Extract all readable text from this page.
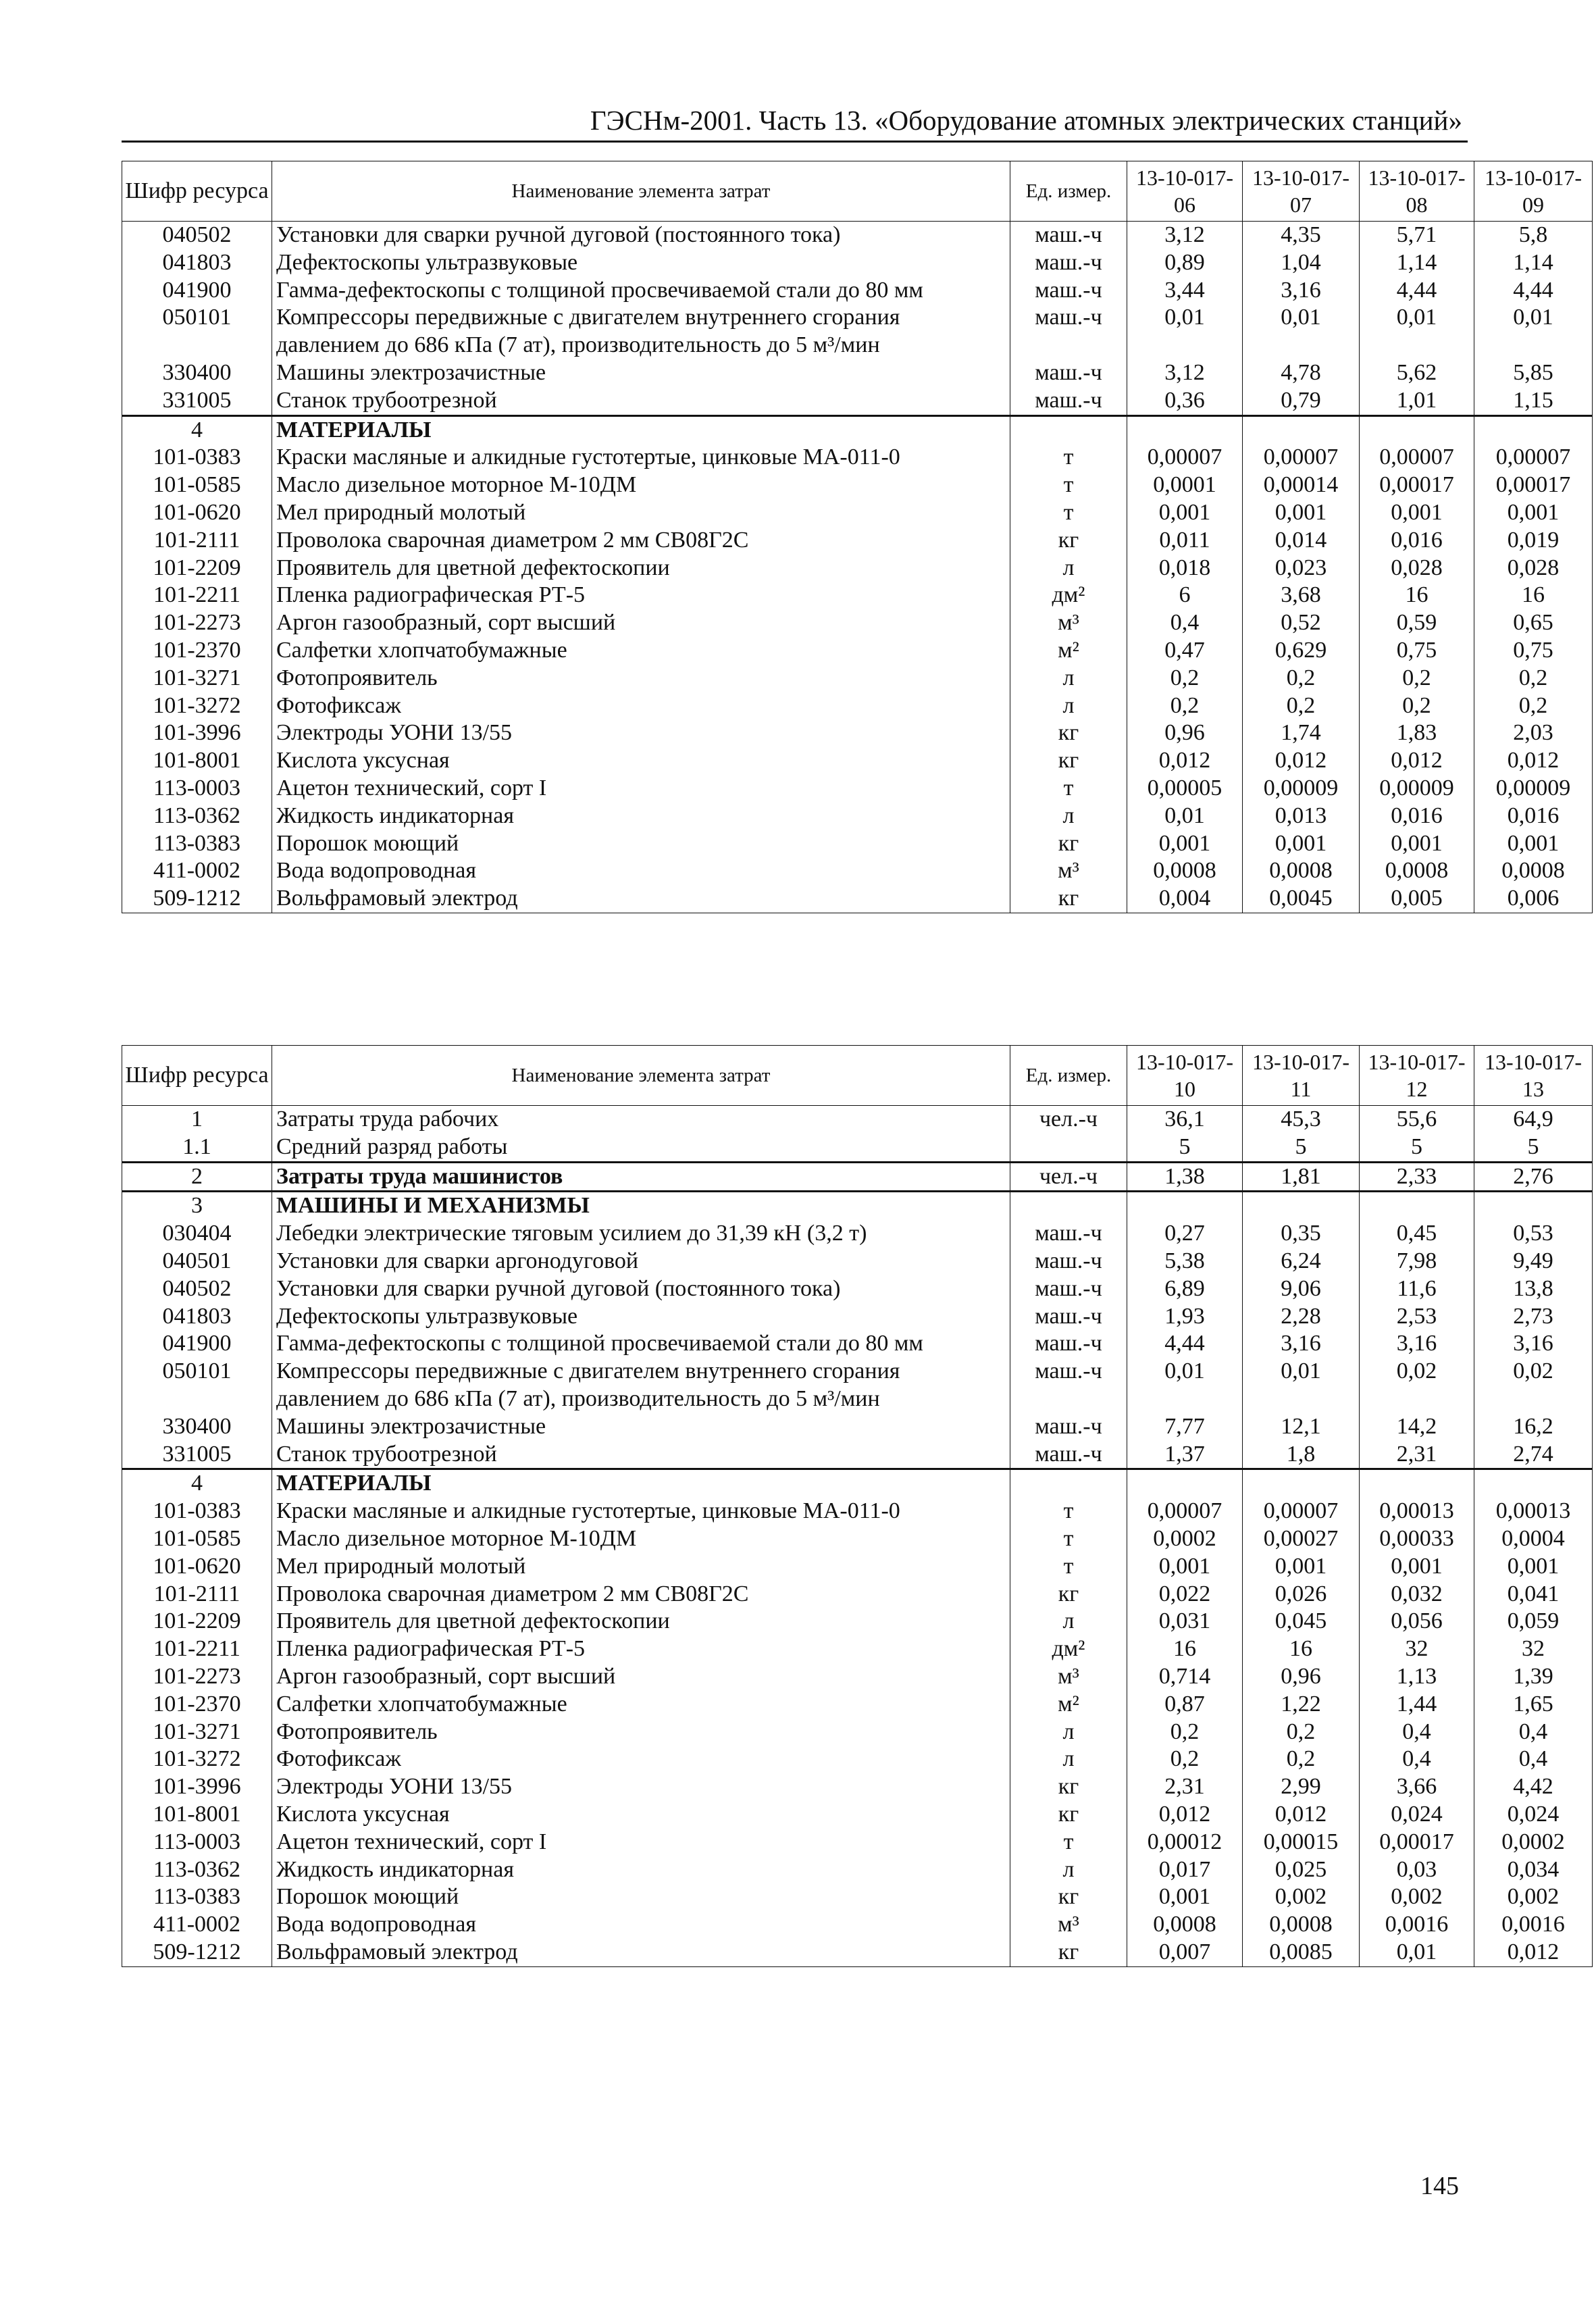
ГЭСНм-2001. Часть 13. «Оборудование атомных электрических станций»
Шифр ресурса	Наименование элемента затрат	Ед. измер.	13-10-017-06	13-10-017-07	13-10-017-08	13-10-017-09

040502	Установки для сварки ручной дуговой (постоянного тока)	маш.-ч	3,12	4,35	5,71	5,8
041803	Дефектоскопы ультразвуковые	маш.-ч	0,89	1,04	1,14	1,14
041900	Гамма-дефектоскопы с толщиной просвечиваемой стали до 80 мм	маш.-ч	3,44	3,16	4,44	4,44
050101	Компрессоры передвижные с двигателем внутреннего сгорания давлением до 686 кПа (7 ат), производительность до 5 м³/мин	маш.-ч	0,01	0,01	0,01	0,01
330400	Машины электрозачистные	маш.-ч	3,12	4,78	5,62	5,85
331005	Станок трубоотрезной	маш.-ч	0,36	0,79	1,01	1,15
4	МАТЕРИАЛЫ					
101-0383	Краски масляные и алкидные густотертые, цинковые МА-011-0	т	0,00007	0,00007	0,00007	0,00007
101-0585	Масло дизельное моторное М-10ДМ	т	0,0001	0,00014	0,00017	0,00017
101-0620	Мел природный молотый	т	0,001	0,001	0,001	0,001
101-2111	Проволока сварочная диаметром 2 мм СВ08Г2С	кг	0,011	0,014	0,016	0,019
101-2209	Проявитель для цветной дефектоскопии	л	0,018	0,023	0,028	0,028
101-2211	Пленка радиографическая РТ-5	дм²	6	3,68	16	16
101-2273	Аргон газообразный, сорт высший	м³	0,4	0,52	0,59	0,65
101-2370	Салфетки хлопчатобумажные	м²	0,47	0,629	0,75	0,75
101-3271	Фотопроявитель	л	0,2	0,2	0,2	0,2
101-3272	Фотофиксаж	л	0,2	0,2	0,2	0,2
101-3996	Электроды УОНИ 13/55	кг	0,96	1,74	1,83	2,03
101-8001	Кислота уксусная	кг	0,012	0,012	0,012	0,012
113-0003	Ацетон технический, сорт I	т	0,00005	0,00009	0,00009	0,00009
113-0362	Жидкость индикаторная	л	0,01	0,013	0,016	0,016
113-0383	Порошок моющий	кг	0,001	0,001	0,001	0,001
411-0002	Вода водопроводная	м³	0,0008	0,0008	0,0008	0,0008
509-1212	Вольфрамовый электрод	кг	0,004	0,0045	0,005	0,006
Шифр ресурса	Наименование элемента затрат	Ед. измер.	13-10-017-10	13-10-017-11	13-10-017-12	13-10-017-13

1	Затраты труда рабочих	чел.-ч	36,1	45,3	55,6	64,9
1.1	Средний разряд работы		5	5	5	5
2	Затраты труда машинистов	чел.-ч	1,38	1,81	2,33	2,76
3	МАШИНЫ И МЕХАНИЗМЫ					
030404	Лебедки электрические тяговым усилием до 31,39 кН (3,2 т)	маш.-ч	0,27	0,35	0,45	0,53
040501	Установки для сварки аргонодуговой	маш.-ч	5,38	6,24	7,98	9,49
040502	Установки для сварки ручной дуговой (постоянного тока)	маш.-ч	6,89	9,06	11,6	13,8
041803	Дефектоскопы ультразвуковые	маш.-ч	1,93	2,28	2,53	2,73
041900	Гамма-дефектоскопы с толщиной просвечиваемой стали до 80 мм	маш.-ч	4,44	3,16	3,16	3,16
050101	Компрессоры передвижные с двигателем внутреннего сгорания давлением до 686 кПа (7 ат), производительность до 5 м³/мин	маш.-ч	0,01	0,01	0,02	0,02
330400	Машины электрозачистные	маш.-ч	7,77	12,1	14,2	16,2
331005	Станок трубоотрезной	маш.-ч	1,37	1,8	2,31	2,74
4	МАТЕРИАЛЫ					
101-0383	Краски масляные и алкидные густотертые, цинковые МА-011-0	т	0,00007	0,00007	0,00013	0,00013
101-0585	Масло дизельное моторное М-10ДМ	т	0,0002	0,00027	0,00033	0,0004
101-0620	Мел природный молотый	т	0,001	0,001	0,001	0,001
101-2111	Проволока сварочная диаметром 2 мм СВ08Г2С	кг	0,022	0,026	0,032	0,041
101-2209	Проявитель для цветной дефектоскопии	л	0,031	0,045	0,056	0,059
101-2211	Пленка радиографическая РТ-5	дм²	16	16	32	32
101-2273	Аргон газообразный, сорт высший	м³	0,714	0,96	1,13	1,39
101-2370	Салфетки хлопчатобумажные	м²	0,87	1,22	1,44	1,65
101-3271	Фотопроявитель	л	0,2	0,2	0,4	0,4
101-3272	Фотофиксаж	л	0,2	0,2	0,4	0,4
101-3996	Электроды УОНИ 13/55	кг	2,31	2,99	3,66	4,42
101-8001	Кислота уксусная	кг	0,012	0,012	0,024	0,024
113-0003	Ацетон технический, сорт I	т	0,00012	0,00015	0,00017	0,0002
113-0362	Жидкость индикаторная	л	0,017	0,025	0,03	0,034
113-0383	Порошок моющий	кг	0,001	0,002	0,002	0,002
411-0002	Вода водопроводная	м³	0,0008	0,0008	0,0016	0,0016
509-1212	Вольфрамовый электрод	кг	0,007	0,0085	0,01	0,012
145
